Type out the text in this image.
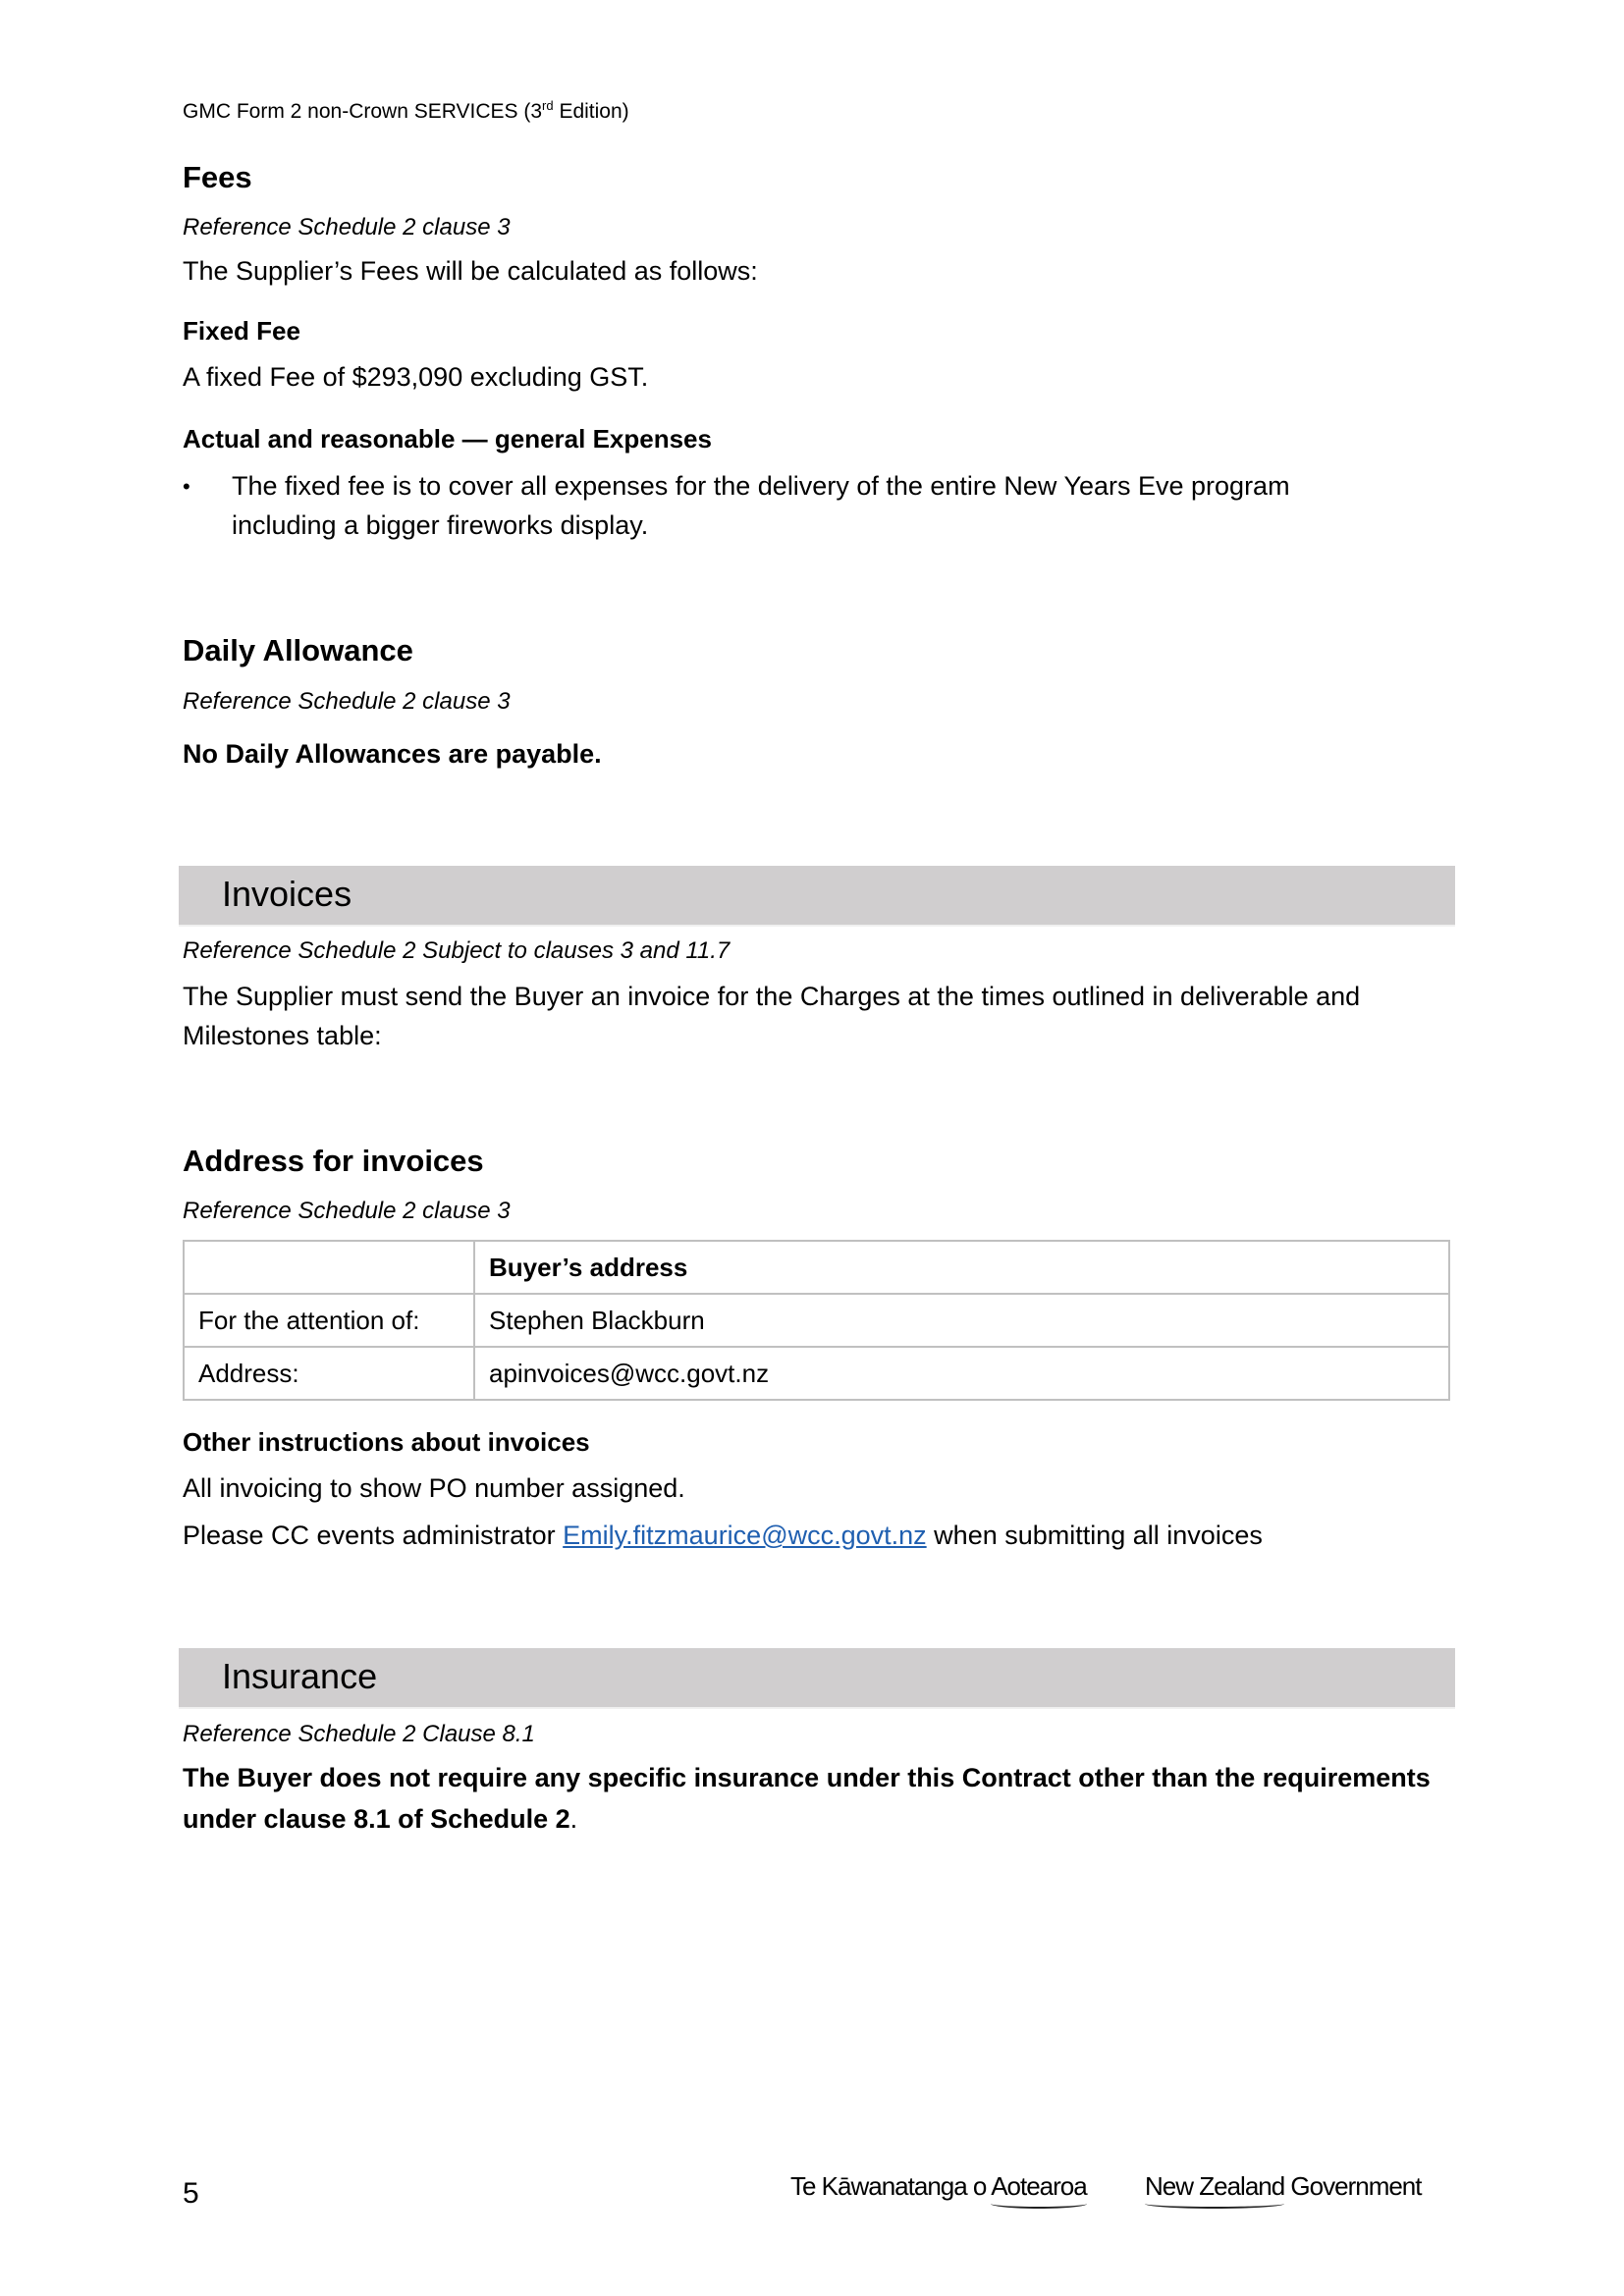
GMC Form 2 non-Crown SERVICES (3rd Edition)
Fees
Reference Schedule 2 clause 3
The Supplier’s Fees will be calculated as follows:
Fixed Fee
A fixed Fee of $293,090 excluding GST.
Actual and reasonable — general Expenses
• The fixed fee is to cover all expenses for the delivery of the entire New Years Eve program
including a bigger fireworks display.
Daily Allowance
Reference Schedule 2 clause 3
No Daily Allowances are payable.
Invoices
Reference Schedule 2 Subject to clauses 3 and 11.7
The Supplier must send the Buyer an invoice for the Charges at the times outlined in deliverable and
Milestones table:
Address for invoices
Reference Schedule 2 clause 3
	Buyer’s address
For the attention of:	Stephen Blackburn
Address:	apinvoices@wcc.govt.nz
Other instructions about invoices
All invoicing to show PO number assigned.
Please CC events administrator Emily.fitzmaurice@wcc.govt.nz when submitting all invoices
Insurance
Reference Schedule 2 Clause 8.1
The Buyer does not require any specific insurance under this Contract other than the requirements
under clause 8.1 of Schedule 2.
5	Te Kāwanatanga o Aotearoa New Zealand Government
